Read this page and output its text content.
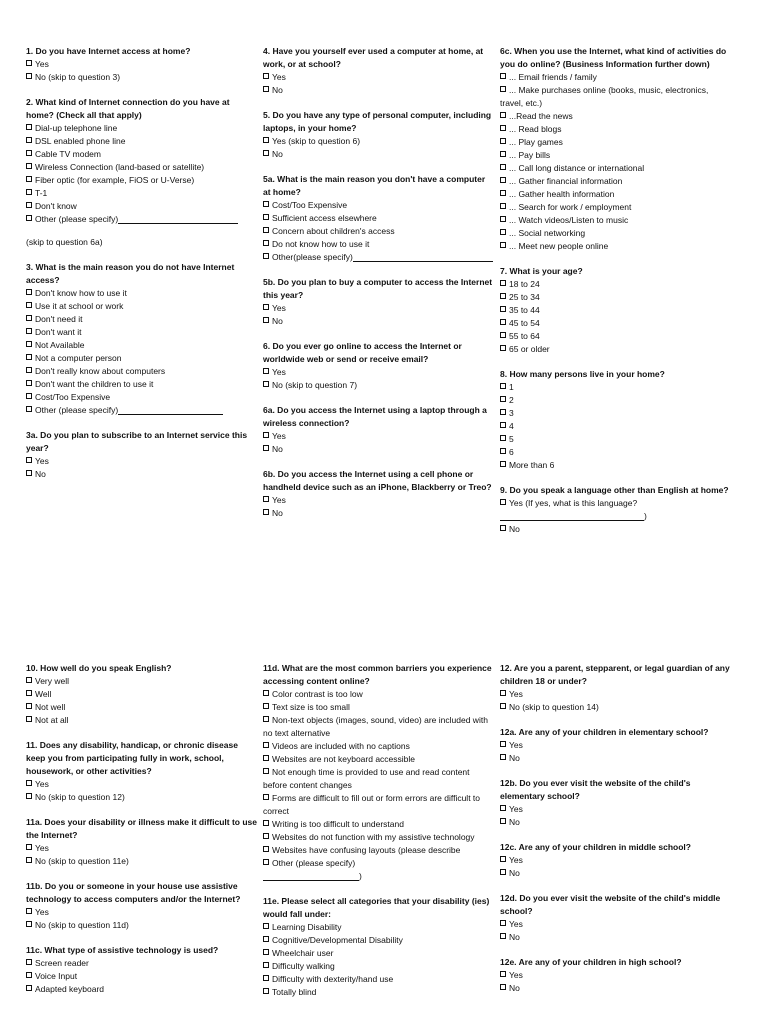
1. Do you have Internet access at home?

Yes

No (skip to question 3)

2. What kind of Internet connection do you have at home? (Check all that apply)

Dial-up telephone line

DSL enabled phone line

Cable TV modem

Wireless Connection (land-based or satellite)

Fiber optic (for example, FiOS or U-Verse)

T-1

Don't know

Other (please specify)

(skip to question 6a)

3. What is the main reason you do not have Internet access?

Don't know how to use it

Use it at school or work

Don't need it

Don't want it

Not Available

Not a computer person

Don't really know about computers

Don't want the children to use it

Cost/Too Expensive

Other (please specify)

3a. Do you plan to subscribe to an Internet service this year?

Yes

No

4. Have you yourself ever used a computer at home, at work, or at school?

Yes

No

5. Do you have any type of personal computer, including laptops, in your home?

Yes (skip to question 6)

No

5a. What is the main reason you don't have a computer at home?

Cost/Too Expensive

Sufficient access elsewhere

Concern about children's access

Do not know how to use it

Other(please specify)

5b. Do you plan to buy a computer to access the Internet this year?

Yes

No

6. Do you ever go online to access the Internet or worldwide web or send or receive email?

Yes

No (skip to question 7)

6a. Do you access the Internet using a laptop through a wireless connection?

Yes

No

6b. Do you access the Internet using a cell phone or handheld device such as an iPhone, Blackberry or Treo?

Yes

No

6c. When you use the Internet, what kind of activities do you do online? (Business Information further down)

... Email friends / family

... Make purchases online (books, music, electronics, travel, etc.)

...Read the news

... Read blogs

... Play games

... Pay bills

... Call long distance or international

... Gather financial information

... Gather health information

... Search for work / employment

... Watch videos/Listen to music

... Social networking

... Meet new people online

7. What is your age?

18 to 24

25 to 34

35 to 44

45 to 54

55 to 64

65 or older

8. How many persons live in your home?

1

2

3

4

5

6

More than 6

9. Do you speak a language other than English at home?

Yes (If yes, what is this language?

)

No

10. How well do you speak English?

Very well

Well

Not well

Not at all

11. Does any disability, handicap, or chronic disease keep you from participating fully in work, school, housework, or other activities?

Yes

No (skip to question 12)

11a. Does your disability or illness make it difficult to use the Internet?

Yes

No (skip to question 11e)

11b. Do you or someone in your house use assistive technology to access computers and/or the Internet?

Yes

No (skip to question 11d)

11c. What type of assistive technology is used?

Screen reader

Voice Input

Adapted keyboard

11d. What are the most common barriers you experience accessing content online?

Color contrast is too low

Text size is too small

Non-text objects (images, sound, video) are included with no text alternative

Videos are included with no captions

Websites are not keyboard accessible

Not enough time is provided to use and read content before content changes

Forms are difficult to fill out or form errors are difficult to correct

Writing is too difficult to understand

Websites do not function with my assistive technology

Websites have confusing layouts (please describe

Other (please specify)

)

11e. Please select all categories that your disability (ies) would fall under:

Learning Disability

Cognitive/Developmental Disability

Wheelchair user

Difficulty walking

Difficulty with dexterity/hand use

Totally blind

12. Are you a parent, stepparent, or legal guardian of any children 18 or under?

Yes

No (skip to question 14)

12a. Are any of your children in elementary school?

Yes

No

12b. Do you ever visit the website of the child's elementary school?

Yes

No

12c. Are any of your children in middle school?

Yes

No

12d. Do you ever visit the website of the child's middle school?

Yes

No

12e. Are any of your children in high school?

Yes

No
